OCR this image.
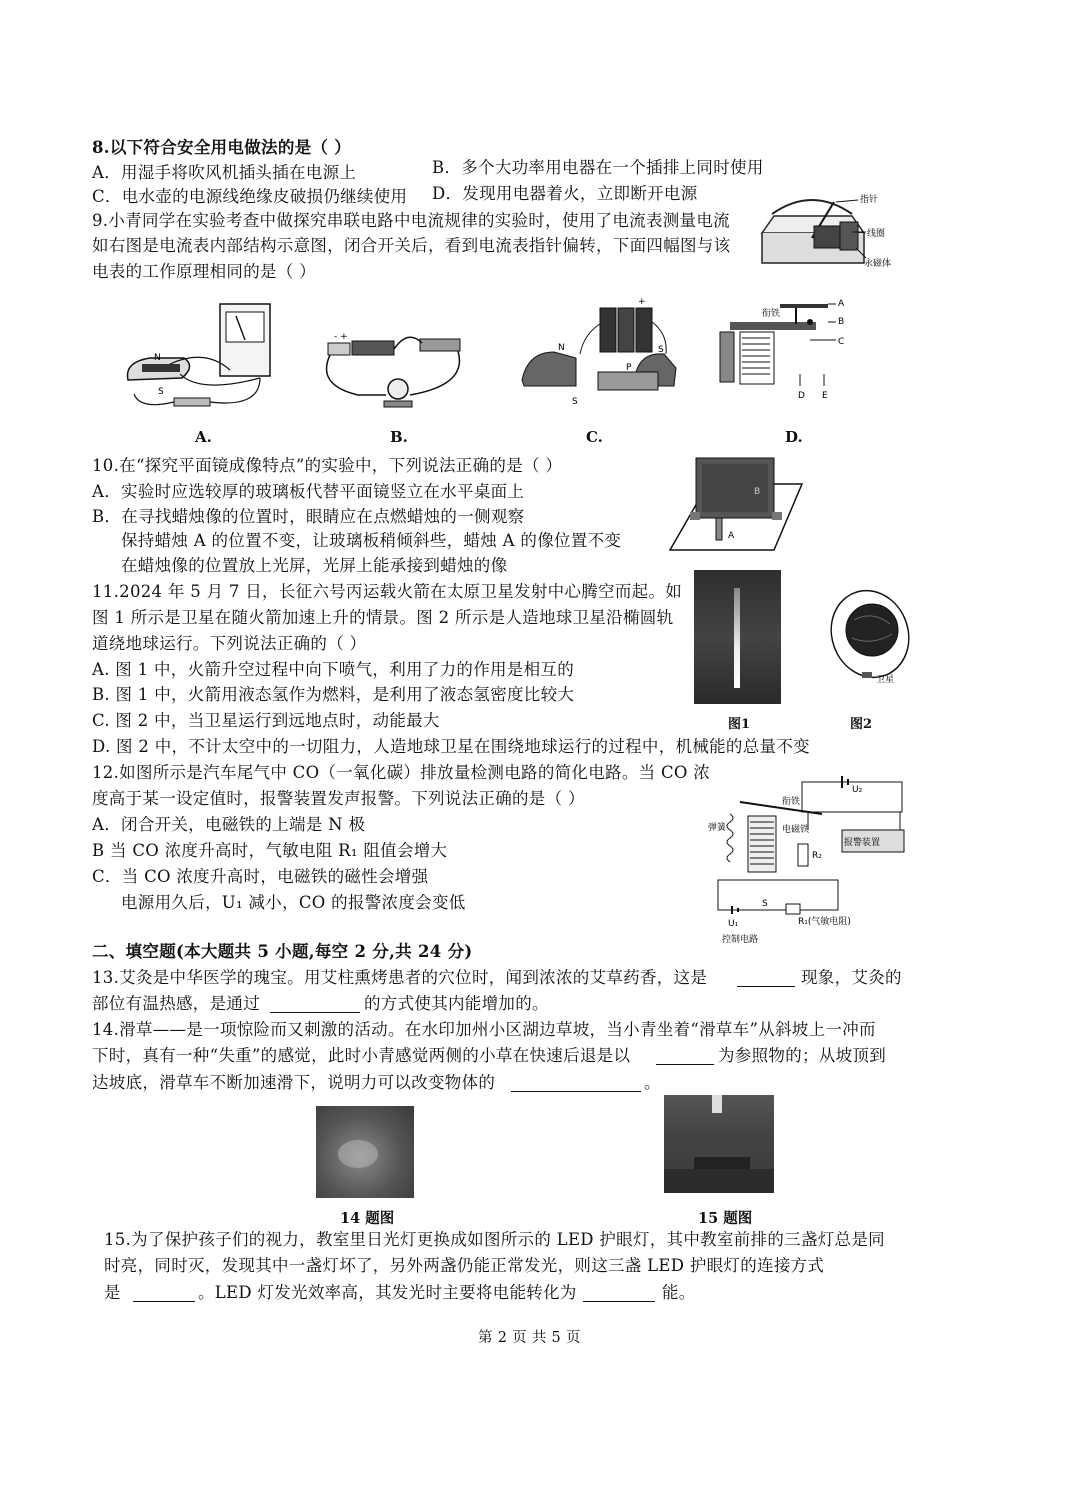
8.以下符合安全用电做法的是（ ）
A．用湿手将吹风机插头插在电源上	B．多个大功率用电器在一个插排上同时使用
C．电水壶的电源线绝缘皮破损仍继续使用 D．发现用电器着火，立即断开电源
9.小青同学在实验考查中做探究串联电路中电流规律的实验时，使用了电流表测量电流
如右图是电流表内部结构示意图，闭合开关后，看到电流表指针偏转，下面四幅图与该
电表的工作原理相同的是（ ）
指针
线圈
永磁体
N
S
A.
- +
B.
+
N
S
S
P
C.
衔铁
A
B
C
D E
D.
10.在“探究平面镜成像特点”的实验中，下列说法正确的是（ ）
A．实验时应选较厚的玻璃板代替平面镜竖立在水平桌面上
B．在寻找蜡烛像的位置时，眼睛应在点燃蜡烛的一侧观察
保持蜡烛 A 的位置不变，让玻璃板稍倾斜些，蜡烛 A 的像位置不变
在蜡烛像的位置放上光屏，光屏上能承接到蜡烛的像
B
A
11.2024 年 5 月 7 日，长征六号丙运载火箭在太原卫星发射中心腾空而起。如
图 1 所示是卫星在随火箭加速上升的情景。图 2 所示是人造地球卫星沿椭圆轨
道绕地球运行。下列说法正确的（ ）
A. 图 1 中，火箭升空过程中向下喷气，利用了力的作用是相互的
B. 图 1 中，火箭用液态氢作为燃料，是利用了液态氢密度比较大
C. 图 2 中，当卫星运行到远地点时，动能最大
D. 图 2 中，不计太空中的一切阻力，人造地球卫星在围绕地球运行的过程中，机械能的总量不变
卫星
图1	图2
12.如图所示是汽车尾气中 CO（一氧化碳）排放量检测电路的简化电路。当 CO 浓
度高于某一设定值时，报警装置发声报警。下列说法正确的是（ ）
A．闭合开关，电磁铁的上端是 N 极
B 当 CO 浓度升高时，气敏电阻 R₁ 阻值会增大
C．当 CO 浓度升高时，电磁铁的磁性会增强
电源用久后，U₁ 减小，CO 的报警浓度会变低
U₂
报警装置
衔铁
弹簧	电磁铁
R₂
U₁
S
R₁(气敏电阻)
控制电路
二、填空题(本大题共 5 小题,每空 2 分,共 24 分)
13.艾灸是中华医学的瑰宝。用艾柱熏烤患者的穴位时，闻到浓浓的艾草药香，这是	现象，艾灸的
部位有温热感，是通过	的方式使其内能增加的。
14.滑草——是一项惊险而又刺激的活动。在水印加州小区湖边草坡，当小青坐着“滑草车”从斜坡上一冲而
下时，真有一种“失重”的感觉，此时小青感觉两侧的小草在快速后退是以	为参照物的；从坡顶到
达坡底，滑草车不断加速滑下，说明力可以改变物体的	。
14 题图	15 题图
15.为了保护孩子们的视力，教室里日光灯更换成如图所示的 LED 护眼灯，其中教室前排的三盏灯总是同
时亮，同时灭，发现其中一盏灯坏了，另外两盏仍能正常发光，则这三盏 LED 护眼灯的连接方式
是	。LED 灯发光效率高，其发光时主要将电能转化为	能。
第 2 页 共 5 页
